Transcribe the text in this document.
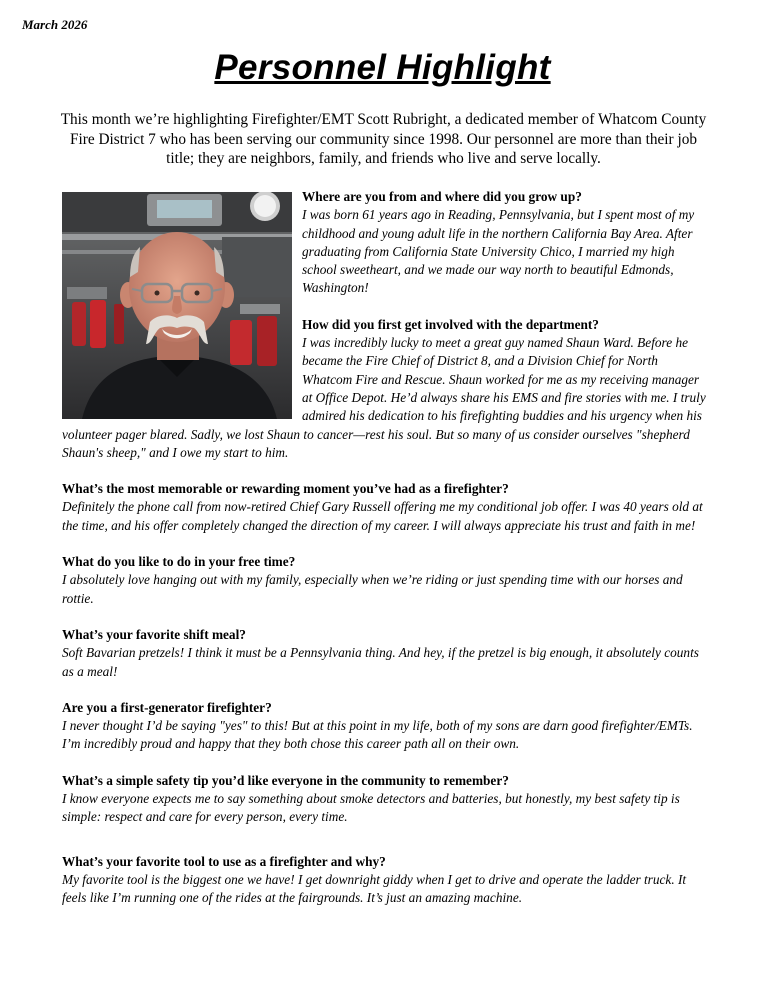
March 2026
Personnel Highlight
This month we’re highlighting Firefighter/EMT Scott Rubright, a dedicated member of Whatcom County Fire District 7 who has been serving our community since 1998. Our personnel are more than their job title; they are neighbors, family, and friends who live and serve locally.

Where are you from and where did you grow up?

I was born 61 years ago in Reading, Pennsylvania, but I spent most of my childhood and young adult life in the northern California Bay Area. After graduating from California State University Chico, I married my high school sweetheart, and we made our way north to beautiful Edmonds, Washington!

How did you first get involved with the department?

I was incredibly lucky to meet a great guy named Shaun Ward. Before he became the Fire Chief of District 8, and a Division Chief for North Whatcom Fire and Rescue. Shaun worked for me as my receiving manager at Office Depot. He’d always share his EMS and fire stories with me. I truly admired his dedication to his firefighting buddies and his urgency when his volunteer pager blared. Sadly, we lost Shaun to cancer—rest his soul. But so many of us consider ourselves "shepherd Shaun's sheep," and I owe my start to him.

What’s the most memorable or rewarding moment you’ve had as a firefighter?

Definitely the phone call from now-retired Chief Gary Russell offering me my conditional job offer. I was 40 years old at the time, and his offer completely changed the direction of my career. I will always appreciate his trust and faith in me!

What do you like to do in your free time?

I absolutely love hanging out with my family, especially when we’re riding or just spending time with our horses and rottie.

What’s your favorite shift meal?

Soft Bavarian pretzels! I think it must be a Pennsylvania thing. And hey, if the pretzel is big enough, it absolutely counts as a meal!

Are you a first-generator firefighter?

I never thought I’d be saying "yes" to this! But at this point in my life, both of my sons are darn good firefighter/EMTs. I’m incredibly proud and happy that they both chose this career path all on their own.

What’s a simple safety tip you’d like everyone in the community to remember?

I know everyone expects me to say something about smoke detectors and batteries, but honestly, my best safety tip is simple: respect and care for every person, every time.

What’s your favorite tool to use as a firefighter and why?

My favorite tool is the biggest one we have! I get downright giddy when I get to drive and operate the ladder truck. It feels like I’m running one of the rides at the fairgrounds. It’s just an amazing machine.
